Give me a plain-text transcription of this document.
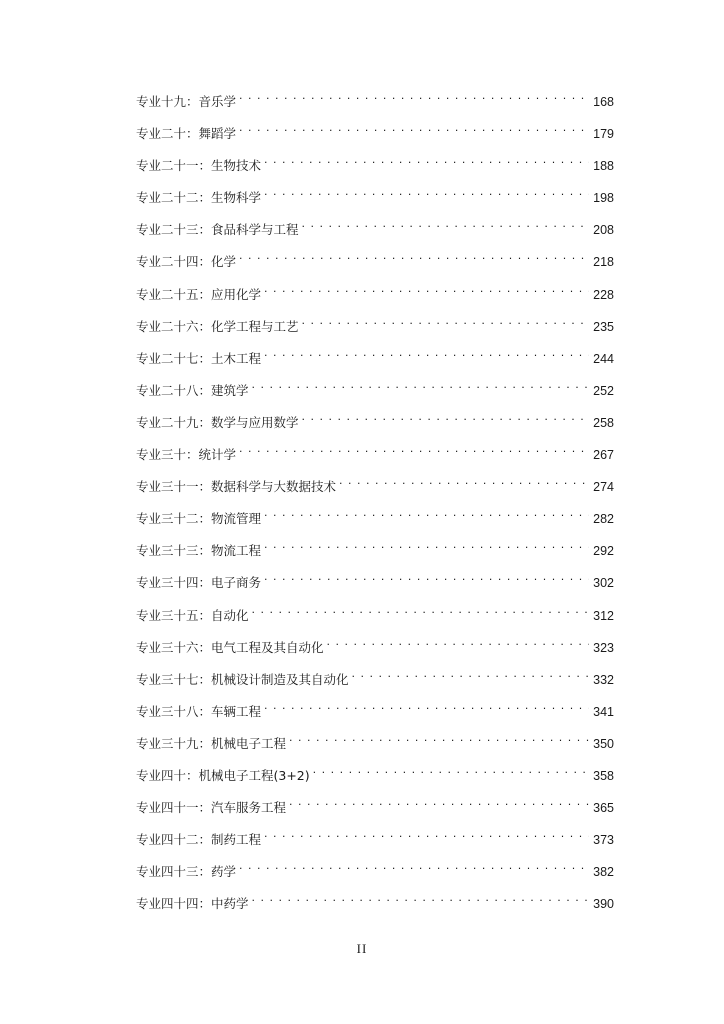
专业十九：音乐学 . . .	168
专业二十：舞蹈学 . . .	179
专业二十一：生物技术 . . .	188
专业二十二：生物科学 . . .	198
专业二十三：食品科学与工程 . . .	208
专业二十四：化学 . . .	218
专业二十五：应用化学 . . .	228
专业二十六：化学工程与工艺 . . .	235
专业二十七：土木工程 . . .	244
专业二十八：建筑学 . . .	252
专业二十九：数学与应用数学 . . .	258
专业三十：统计学 . . .	267
专业三十一：数据科学与大数据技术 . . .	274
专业三十二：物流管理 . . .	282
专业三十三：物流工程 . . .	292
专业三十四：电子商务 . . .	302
专业三十五：自动化 . . .	312
专业三十六：电气工程及其自动化 . . .	323
专业三十七：机械设计制造及其自动化 . . .	332
专业三十八：车辆工程 . . .	341
专业三十九：机械电子工程 . . .	350
专业四十：机械电子工程(3+2) . . .	358
专业四十一：汽车服务工程 . . .	365
专业四十二：制药工程 . . .	373
专业四十三：药学 . . .	382
专业四十四：中药学 . . .	390
II
